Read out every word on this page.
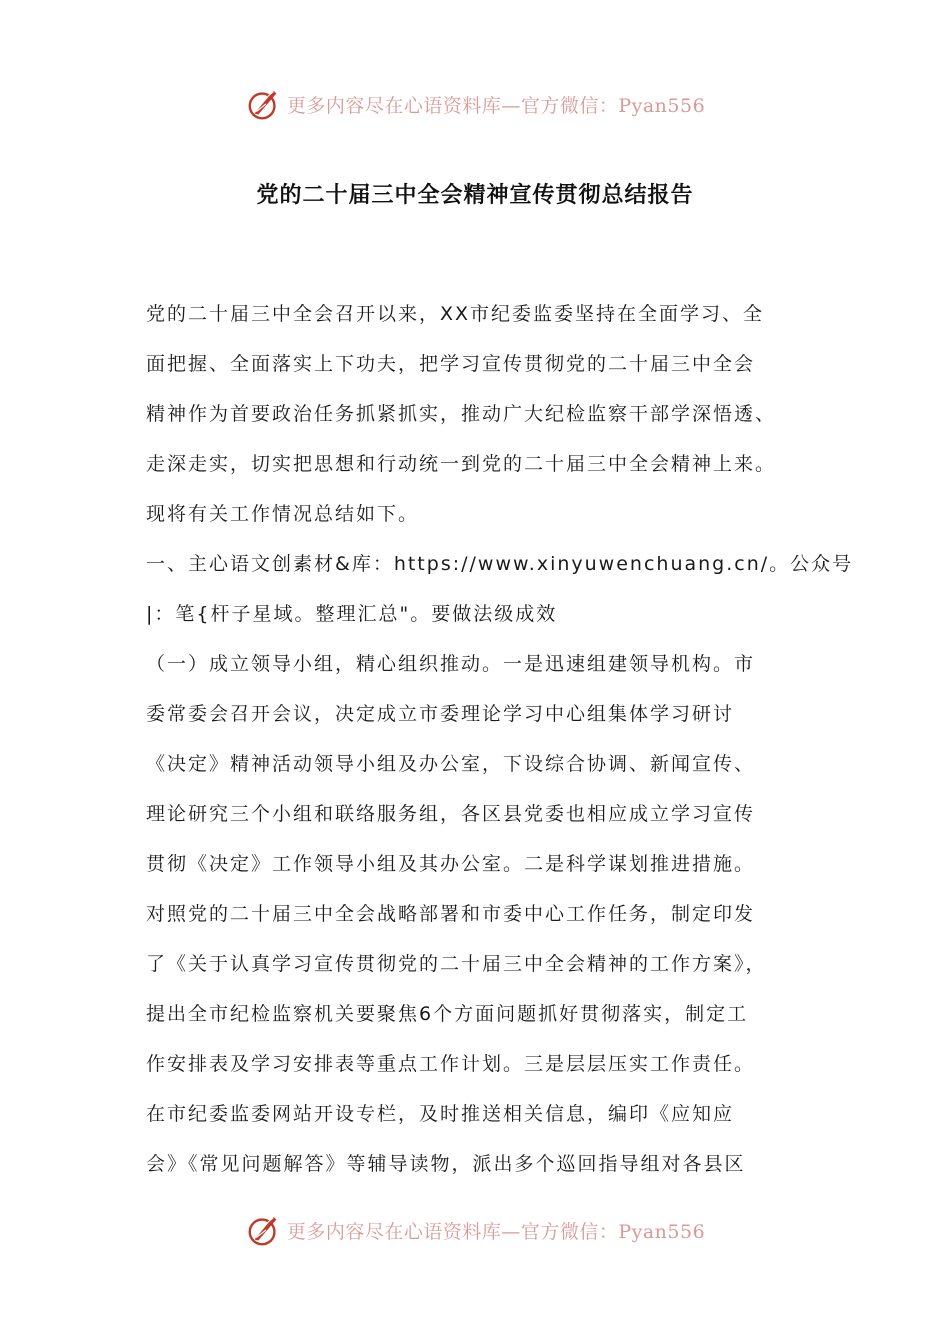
更多内容尽在心语资料库—官方微信：Pyan556
党的二十届三中全会精神宣传贯彻总结报告
党的二十届三中全会召开以来，XX市纪委监委坚持在全面学习、全
面把握、全面落实上下功夫，把学习宣传贯彻党的二十届三中全会
精神作为首要政治任务抓紧抓实，推动广大纪检监察干部学深悟透、
走深走实，切实把思想和行动统一到党的二十届三中全会精神上来。
现将有关工作情况总结如下。
一、主心语文创素材&库：https://www.xinyuwenchuang.cn/。公众号
|：笔{杆子星域。整理汇总"。要做法级成效
（一）成立领导小组，精心组织推动。一是迅速组建领导机构。市
委常委会召开会议，决定成立市委理论学习中心组集体学习研讨
《决定》精神活动领导小组及办公室，下设综合协调、新闻宣传、
理论研究三个小组和联络服务组，各区县党委也相应成立学习宣传
贯彻《决定》工作领导小组及其办公室。二是科学谋划推进措施。
对照党的二十届三中全会战略部署和市委中心工作任务，制定印发
了《关于认真学习宣传贯彻党的二十届三中全会精神的工作方案》，
提出全市纪检监察机关要聚焦6个方面问题抓好贯彻落实，制定工
作安排表及学习安排表等重点工作计划。三是层层压实工作责任。
在市纪委监委网站开设专栏，及时推送相关信息，编印《应知应
会》《常见问题解答》等辅导读物，派出多个巡回指导组对各县区
更多内容尽在心语资料库—官方微信：Pyan556
